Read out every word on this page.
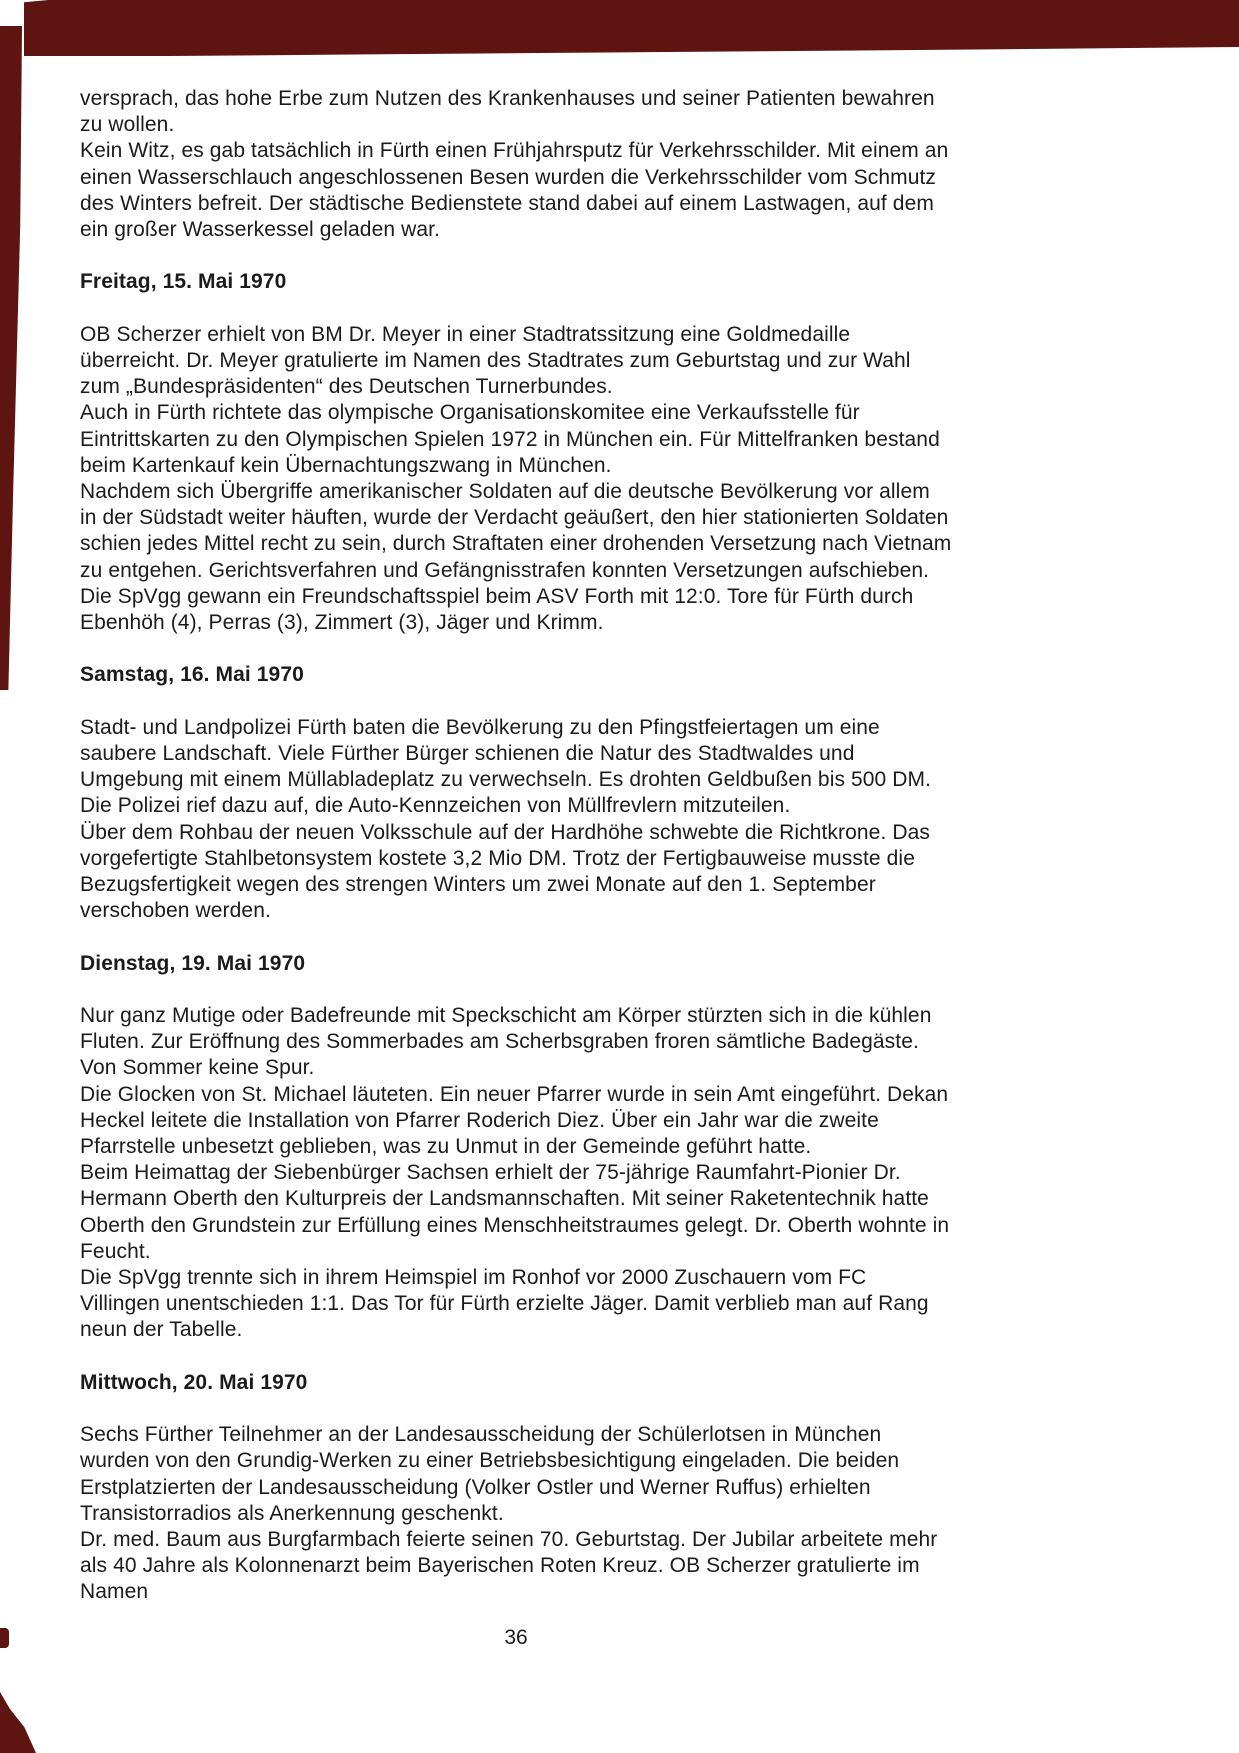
versprach, das hohe Erbe zum Nutzen des Krankenhauses und seiner Patienten bewahren zu wollen.

Kein Witz, es gab tatsächlich in Fürth einen Frühjahrsputz für Verkehrsschilder. Mit einem an einen Wasserschlauch angeschlossenen Besen wurden die Verkehrsschilder vom Schmutz des Winters befreit. Der städtische Bedienstete stand dabei auf einem Lastwagen, auf dem ein großer Wasserkessel geladen war.

Freitag, 15. Mai 1970

OB Scherzer erhielt von BM Dr. Meyer in einer Stadtratssitzung eine Goldmedaille überreicht. Dr. Meyer gratulierte im Namen des Stadtrates zum Geburtstag und zur Wahl zum „Bundespräsidenten“ des Deutschen Turnerbundes.

Auch in Fürth richtete das olympische Organisationskomitee eine Verkaufsstelle für Eintrittskarten zu den Olympischen Spielen 1972 in München ein. Für Mittelfranken bestand beim Kartenkauf kein Übernachtungszwang in München.

Nachdem sich Übergriffe amerikanischer Soldaten auf die deutsche Bevölkerung vor allem in der Südstadt weiter häuften, wurde der Verdacht geäußert, den hier stationierten Soldaten schien jedes Mittel recht zu sein, durch Straftaten einer drohenden Versetzung nach Vietnam zu entgehen. Gerichtsverfahren und Gefängnisstrafen konnten Versetzungen aufschieben.

Die SpVgg gewann ein Freundschaftsspiel beim ASV Forth mit 12:0. Tore für Fürth durch Ebenhöh (4), Perras (3), Zimmert (3), Jäger und Krimm.

Samstag, 16. Mai 1970

Stadt- und Landpolizei Fürth baten die Bevölkerung zu den Pfingstfeiertagen um eine saubere Landschaft. Viele Fürther Bürger schienen die Natur des Stadtwaldes und Umgebung mit einem Müllabladeplatz zu verwechseln. Es drohten Geldbußen bis 500 DM. Die Polizei rief dazu auf, die Auto-Kennzeichen von Müllfrevlern mitzuteilen.

Über dem Rohbau der neuen Volksschule auf der Hardhöhe schwebte die Richtkrone. Das vorgefertigte Stahlbetonsystem kostete 3,2 Mio DM. Trotz der Fertigbauweise musste die Bezugsfertigkeit wegen des strengen Winters um zwei Monate auf den 1. September verschoben werden.

Dienstag, 19. Mai 1970

Nur ganz Mutige oder Badefreunde mit Speckschicht am Körper stürzten sich in die kühlen Fluten. Zur Eröffnung des Sommerbades am Scherbsgraben froren sämtliche Badegäste. Von Sommer keine Spur.

Die Glocken von St. Michael läuteten. Ein neuer Pfarrer wurde in sein Amt eingeführt. Dekan Heckel leitete die Installation von Pfarrer Roderich Diez. Über ein Jahr war die zweite Pfarrstelle unbesetzt geblieben, was zu Unmut in der Gemeinde geführt hatte.

Beim Heimattag der Siebenbürger Sachsen erhielt der 75-jährige Raumfahrt-Pionier Dr. Hermann Oberth den Kulturpreis der Landsmannschaften. Mit seiner Raketentechnik hatte Oberth den Grundstein zur Erfüllung eines Menschheitstraumes gelegt. Dr. Oberth wohnte in Feucht.

Die SpVgg trennte sich in ihrem Heimspiel im Ronhof vor 2000 Zuschauern vom FC Villingen unentschieden 1:1. Das Tor für Fürth erzielte Jäger. Damit verblieb man auf Rang neun der Tabelle.

Mittwoch, 20. Mai 1970

Sechs Fürther Teilnehmer an der Landesausscheidung der Schülerlotsen in München wurden von den Grundig-Werken zu einer Betriebsbesichtigung eingeladen. Die beiden Erstplatzierten der Landesausscheidung (Volker Ostler und Werner Ruffus) erhielten Transistorradios als Anerkennung geschenkt.

Dr. med. Baum aus Burgfarmbach feierte seinen 70. Geburtstag. Der Jubilar arbeitete mehr als 40 Jahre als Kolonnenarzt beim Bayerischen Roten Kreuz. OB Scherzer gratulierte im Namen

36
